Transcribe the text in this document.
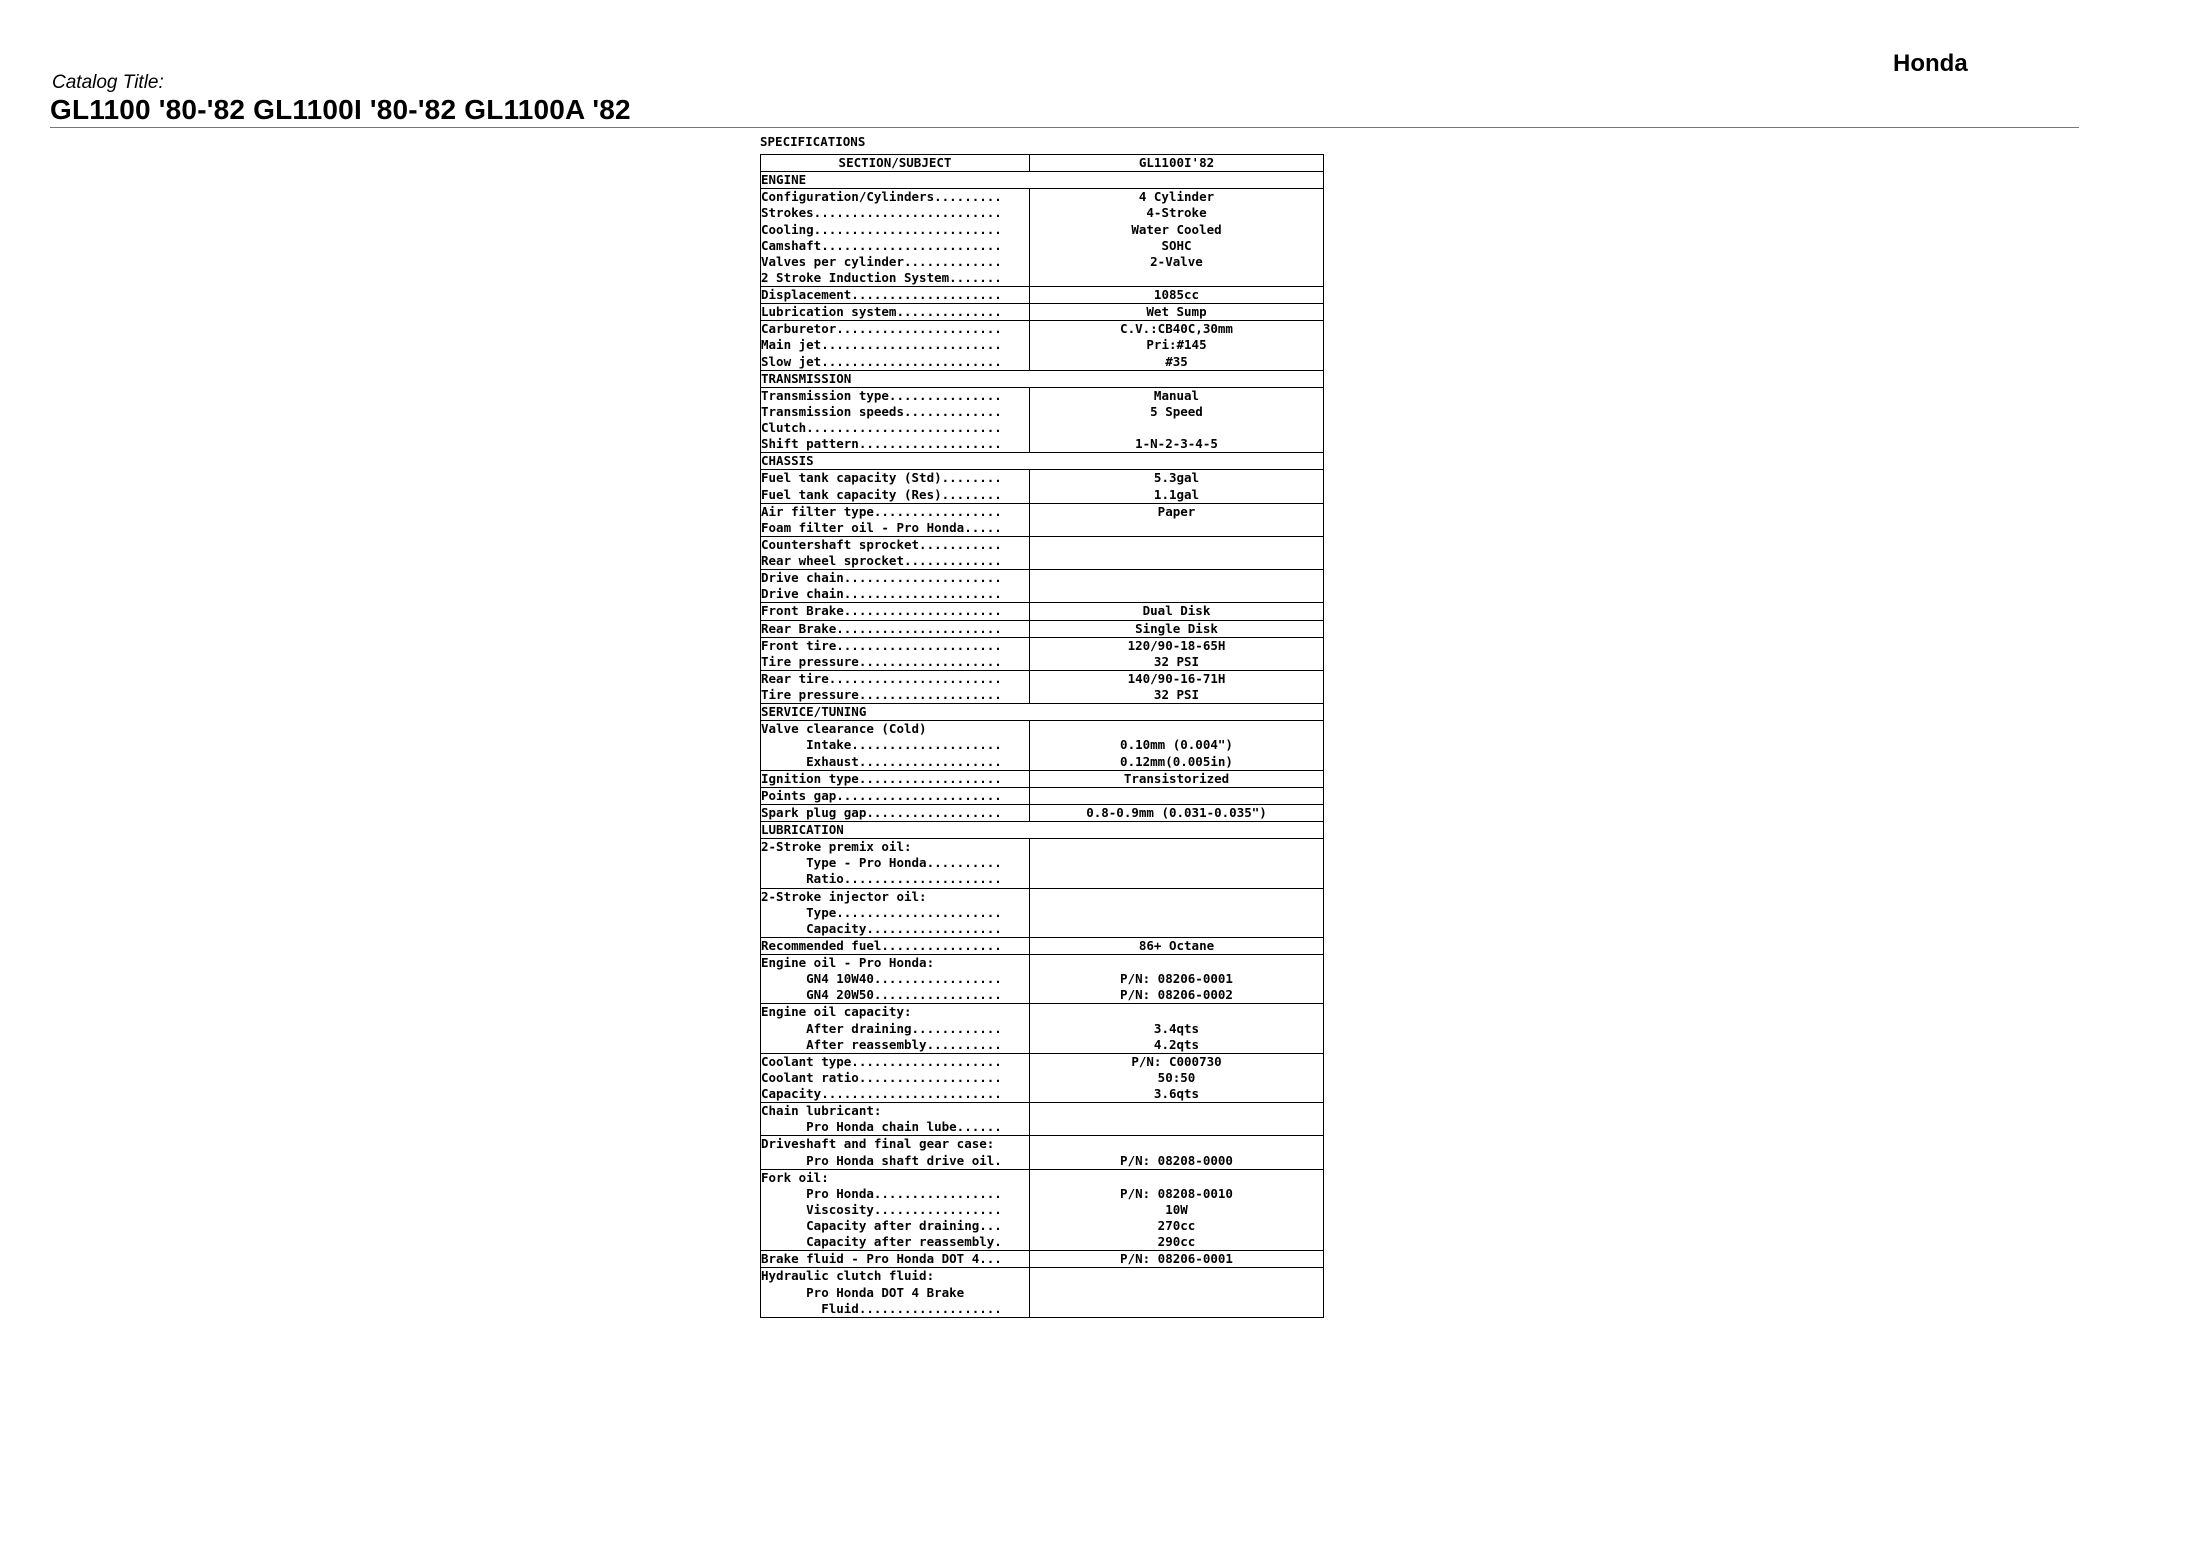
Honda
Catalog Title:
GL1100 '80-'82 GL1100I '80-'82 GL1100A '82
SPECIFICATIONS
SECTION/SUBJECT	GL1100I'82
ENGINE	
Configuration/Cylinders.........	4 Cylinder
Strokes.........................	4-Stroke
Cooling.........................	Water Cooled
Camshaft........................	SOHC
Valves per cylinder.............	2-Valve
2 Stroke Induction System.......	
Displacement....................	1085cc
Lubrication system..............	Wet Sump
Carburetor......................	C.V.:CB40C,30mm
Main jet........................	Pri:#145
Slow jet........................	#35
TRANSMISSION	
Transmission type...............	Manual
Transmission speeds.............	5 Speed
Clutch..........................	
Shift pattern...................	1-N-2-3-4-5
CHASSIS	
Fuel tank capacity (Std)........	5.3gal
Fuel tank capacity (Res)........	1.1gal
Air filter type.................	Paper
Foam filter oil - Pro Honda.....	
Countershaft sprocket...........	
Rear wheel sprocket.............	
Drive chain.....................	
Drive chain.....................	
Front Brake.....................	Dual Disk
Rear Brake......................	Single Disk
Front tire......................	120/90-18-65H
Tire pressure...................	32 PSI
Rear tire.......................	140/90-16-71H
Tire pressure...................	32 PSI
SERVICE/TUNING	
Valve clearance (Cold)	
Intake....................	0.10mm (0.004")
Exhaust...................	0.12mm(0.005in)
Ignition type...................	Transistorized
Points gap......................	
Spark plug gap..................	0.8-0.9mm (0.031-0.035")
LUBRICATION	
2-Stroke premix oil:	
Type - Pro Honda..........	
Ratio.....................	
2-Stroke injector oil:	
Type......................	
Capacity..................	
Recommended fuel................	86+ Octane
Engine oil - Pro Honda:	
GN4 10W40.................	P/N: 08206-0001
GN4 20W50.................	P/N: 08206-0002
Engine oil capacity:	
After draining............	3.4qts
After reassembly..........	4.2qts
Coolant type....................	P/N: C000730
Coolant ratio...................	50:50
Capacity........................	3.6qts
Chain lubricant:	
Pro Honda chain lube......	
Driveshaft and final gear case:	
Pro Honda shaft drive oil.	P/N: 08208-0000
Fork oil:	
Pro Honda.................	P/N: 08208-0010
Viscosity.................	10W
Capacity after draining...	270cc
Capacity after reassembly.	290cc
Brake fluid - Pro Honda DOT 4...	P/N: 08206-0001
Hydraulic clutch fluid:	
Pro Honda DOT 4 Brake	
Fluid...................	
